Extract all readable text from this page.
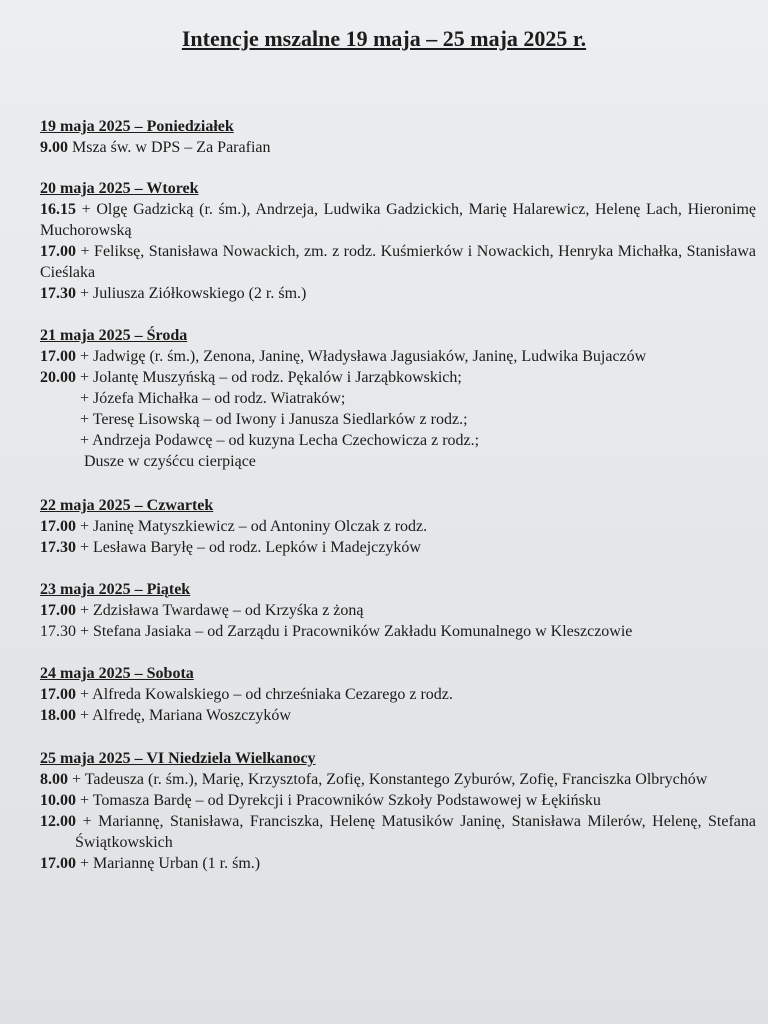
Intencje mszalne 19 maja – 25 maja 2025 r.
19 maja 2025 – Poniedziałek
9.00 Msza św. w DPS – Za Parafian
20 maja 2025 – Wtorek
16.15 + Olgę Gadzicką (r. śm.), Andrzeja, Ludwika Gadzickich, Marię Halarewicz, Helenę Lach, Hieronimę Muchorowską
17.00 + Feliksę, Stanisława Nowackich, zm. z rodz. Kuśmierków i Nowackich, Henryka Michałka, Stanisława Cieślaka
17.30 + Juliusza Ziółkowskiego (2 r. śm.)
21 maja 2025 – Środa
17.00 + Jadwigę (r. śm.), Zenona, Janinę, Władysława Jagusiaków, Janinę, Ludwika Bujaczów
20.00 + Jolantę Muszyńską – od rodz. Pękalów i Jarząbkowskich;
+ Józefa Michałka – od rodz. Wiatraków;
+ Teresę Lisowską – od Iwony i Janusza Siedlarków z rodz.;
+ Andrzeja Podawcę – od kuzyna Lecha Czechowicza z rodz.;
Dusze w czyśćcu cierpiące
22 maja 2025 – Czwartek
17.00 + Janinę Matyszkiewicz – od Antoniny Olczak z rodz.
17.30 + Lesława Baryłę – od rodz. Lepków i Madejczyków
23 maja 2025 – Piątek
17.00 + Zdzisława Twardawę – od Krzyśka z żoną
17.30 + Stefana Jasiaka – od Zarządu i Pracowników Zakładu Komunalnego w Kleszczowie
24 maja 2025 – Sobota
17.00 + Alfreda Kowalskiego – od chrześniaka Cezarego z rodz.
18.00 + Alfredę, Mariana Woszczyków
25 maja 2025 – VI Niedziela Wielkanocy
8.00 + Tadeusza (r. śm.), Marię, Krzysztofa, Zofię, Konstantego Zyburów, Zofię, Franciszka Olbrychów
10.00 + Tomasza Bardę – od Dyrekcji i Pracowników Szkoły Podstawowej w Łękińsku
12.00 + Mariannę, Stanisława, Franciszka, Helenę Matusików Janinę, Stanisława Milerów, Helenę, Stefana Świątkowskich
17.00 + Mariannę Urban (1 r. śm.)
